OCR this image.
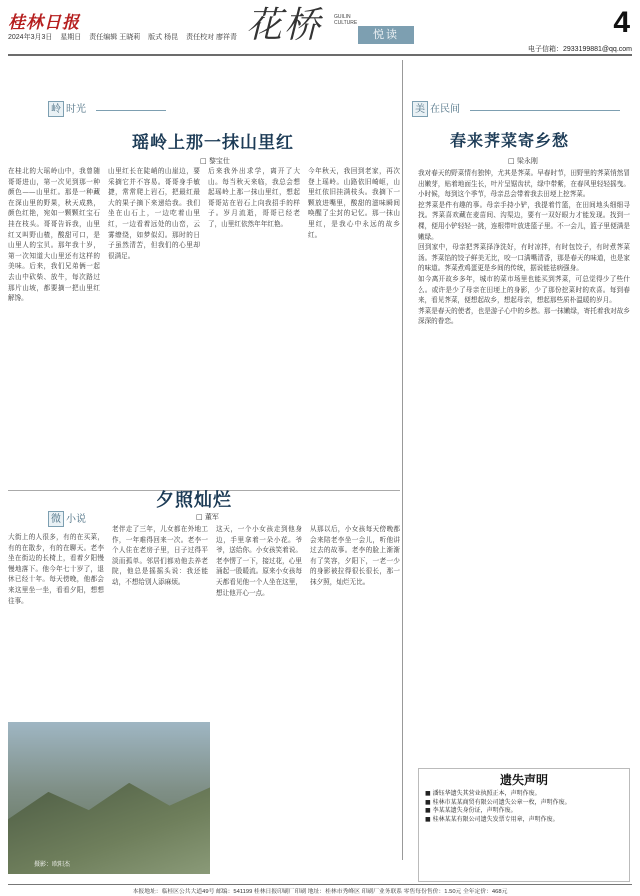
桂林日报
2024年3月3日 星期日 责任编辑 王晓莉 版式 杨昆 责任校对 廖祥青 花桥 GUILIN CULTURE
悦读	4
电子信箱：2933199881@qq.com
岭 时光
瑶岭上那一抹山里红
□ 黎宝仕
在桂北的大瑶岭山中，我曾随哥哥进山，第一次见到那一种颜色——山里红。那是一种藏在深山里的野果，秋天成熟，颜色红艳，宛如一颗颗红宝石挂在枝头。哥哥告诉我，山里红又叫野山楂，酸甜可口，是山里人的宝贝。那年我十岁，第一次知道大山里还有这样的美味。后来，我们兄弟俩一起去山中砍柴、放牛，每次路过那片山坡，都要摘一把山里红解馋。
山里红长在陡峭的山崖边，要采摘它并不容易。哥哥身手敏捷，常常爬上岩石，把最红最大的果子摘下来递给我。我们坐在山石上，一边吃着山里红，一边看着远处的山峦，云雾缭绕，如梦似幻。那时的日子虽然清苦，但我们的心里却很满足。
后来我外出求学，离开了大山。每当秋天来临，我总会想起瑶岭上那一抹山里红，想起哥哥站在岩石上向我招手的样子。岁月流逝，哥哥已经老了，山里红依然年年红艳。
今年秋天，我回到老家，再次登上瑶岭。山路依旧崎岖，山里红依旧挂满枝头。我摘下一颗放进嘴里，酸甜的滋味瞬间唤醒了尘封的记忆。那一抹山里红，是我心中永远的故乡红。
微 小说
夕照灿烂
□ 董军
大街上的人很多，有的在买菜，有的在散步，有的在聊天。老李坐在街边的长椅上，看着夕阳慢慢地落下。他今年七十岁了，退休已经十年。每天傍晚，他都会来这里坐一坐，看看夕阳，想想往事。
老伴走了三年，儿女都在外地工作，一年难得回来一次。老李一个人住在老房子里，日子过得平淡而孤单。邻居们都劝他去养老院，他总是摇摇头说：我还能动，不想给别人添麻烦。
这天，一个小女孩走到他身边，手里拿着一朵小花。爷爷，送给你。小女孩笑着说。老李愣了一下，接过花，心里涌起一股暖流。原来小女孩每天都看见他一个人坐在这里，想让他开心一点。
从那以后，小女孩每天傍晚都会来陪老李坐一会儿，听他讲过去的故事。老李的脸上渐渐有了笑容，夕阳下，一老一少的身影被拉得很长很长，那一抹夕照，灿烂无比。
摄影：欧阳杰
美 在民间
春来荠菜寄乡愁
□ 梁永刚

我对春天的野菜情有独钟，尤其是荠菜。早春时节，田野里的荠菜悄然冒出嫩芽，贴着地面生长，叶片呈锯齿状，绿中带紫，在春风里轻轻摇曳。小时候，每到这个季节，母亲总会带着我去田埂上挖荠菜。

挖荠菜是件有趣的事。母亲手持小铲，我提着竹篮，在田间地头细细寻找。荠菜喜欢藏在麦苗间、沟渠边，要有一双好眼力才能发现。找到一棵，便用小铲轻轻一挑，连根带叶放进篮子里。不一会儿，篮子里便满是嫩绿。

回到家中，母亲把荠菜择净洗好，有时凉拌，有时包饺子，有时煮荠菜汤。荠菜馅的饺子鲜美无比，咬一口满嘴清香，那是春天的味道，也是家的味道。荠菜煮鸡蛋更是乡间的传统，据说能祛病强身。

如今离开故乡多年，城市的菜市场里也能买到荠菜，可总觉得少了些什么。或许是少了母亲在田埂上的身影，少了那份挖菜时的欢喜。每到春来，看见荠菜，便想起故乡，想起母亲，想起那些质朴温暖的岁月。

荠菜是春天的使者，也是游子心中的乡愁。那一抹嫩绿，寄托着我对故乡深深的眷恋。

遗失声明
■ 潘钰华遗失其营业执照正本，声明作废。
■ 桂林市某某商贸有限公司遗失公章一枚，声明作废。
■ 李某某遗失身份证，声明作废。
■ 桂林某某有限公司遗失发票专用章，声明作废。
本报地址：临桂区公共大道49号 邮编：541199 桂林日报印刷厂印刷 地址：桂林市秀峰区 印刷厂业务联系 零售每份售价：1.50元 全年定价：468元
